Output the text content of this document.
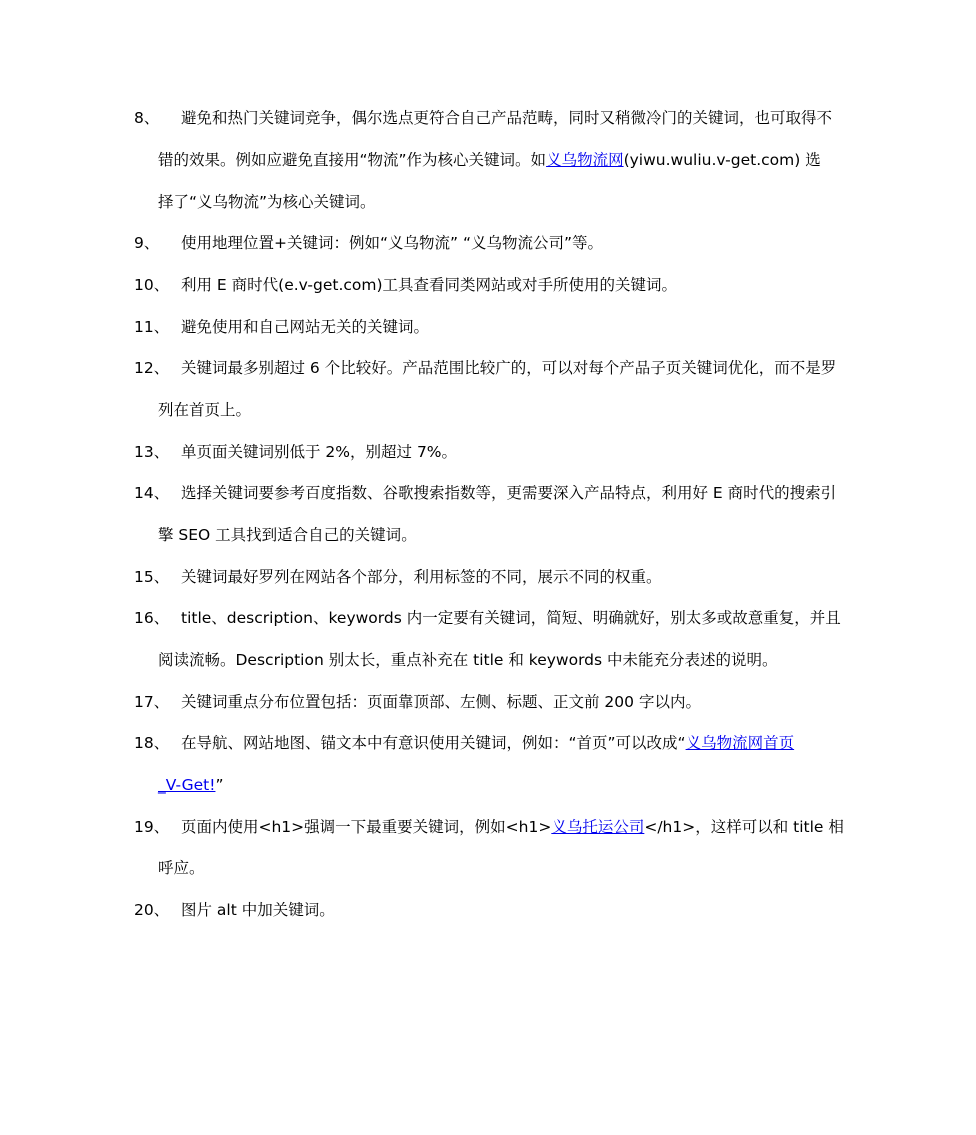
8、 避免和热门关键词竞争，偶尔选点更符合自己产品范畴，同时又稍微冷门的关键词，也可取得不
错的效果。例如应避免直接用“物流”作为核心关键词。如义乌物流网(yiwu.wuliu.v-get.com) 选
择了“义乌物流”为核心关键词。
9、 使用地理位置+关键词：例如“义乌物流” “义乌物流公司”等。
10、 利用 E 商时代(e.v-get.com)工具查看同类网站或对手所使用的关键词。
11、 避免使用和自己网站无关的关键词。
12、 关键词最多别超过 6 个比较好。产品范围比较广的，可以对每个产品子页关键词优化，而不是罗
列在首页上。
13、 单页面关键词别低于 2%，别超过 7%。
14、 选择关键词要参考百度指数、谷歌搜索指数等，更需要深入产品特点，利用好 E 商时代的搜索引
擎 SEO 工具找到适合自己的关键词。
15、 关键词最好罗列在网站各个部分，利用标签的不同，展示不同的权重。
16、 title、description、keywords 内一定要有关键词，简短、明确就好，别太多或故意重复，并且
阅读流畅。Description 别太长，重点补充在 title 和 keywords 中未能充分表述的说明。
17、 关键词重点分布位置包括：页面靠顶部、左侧、标题、正文前 200 字以内。
18、 在导航、网站地图、锚文本中有意识使用关键词，例如：“首页”可以改成“义乌物流网首页
_V-Get!”
19、 页面内使用<h1>强调一下最重要关键词，例如<h1>义乌托运公司</h1>，这样可以和 title 相
呼应。
20、 图片 alt 中加关键词。
